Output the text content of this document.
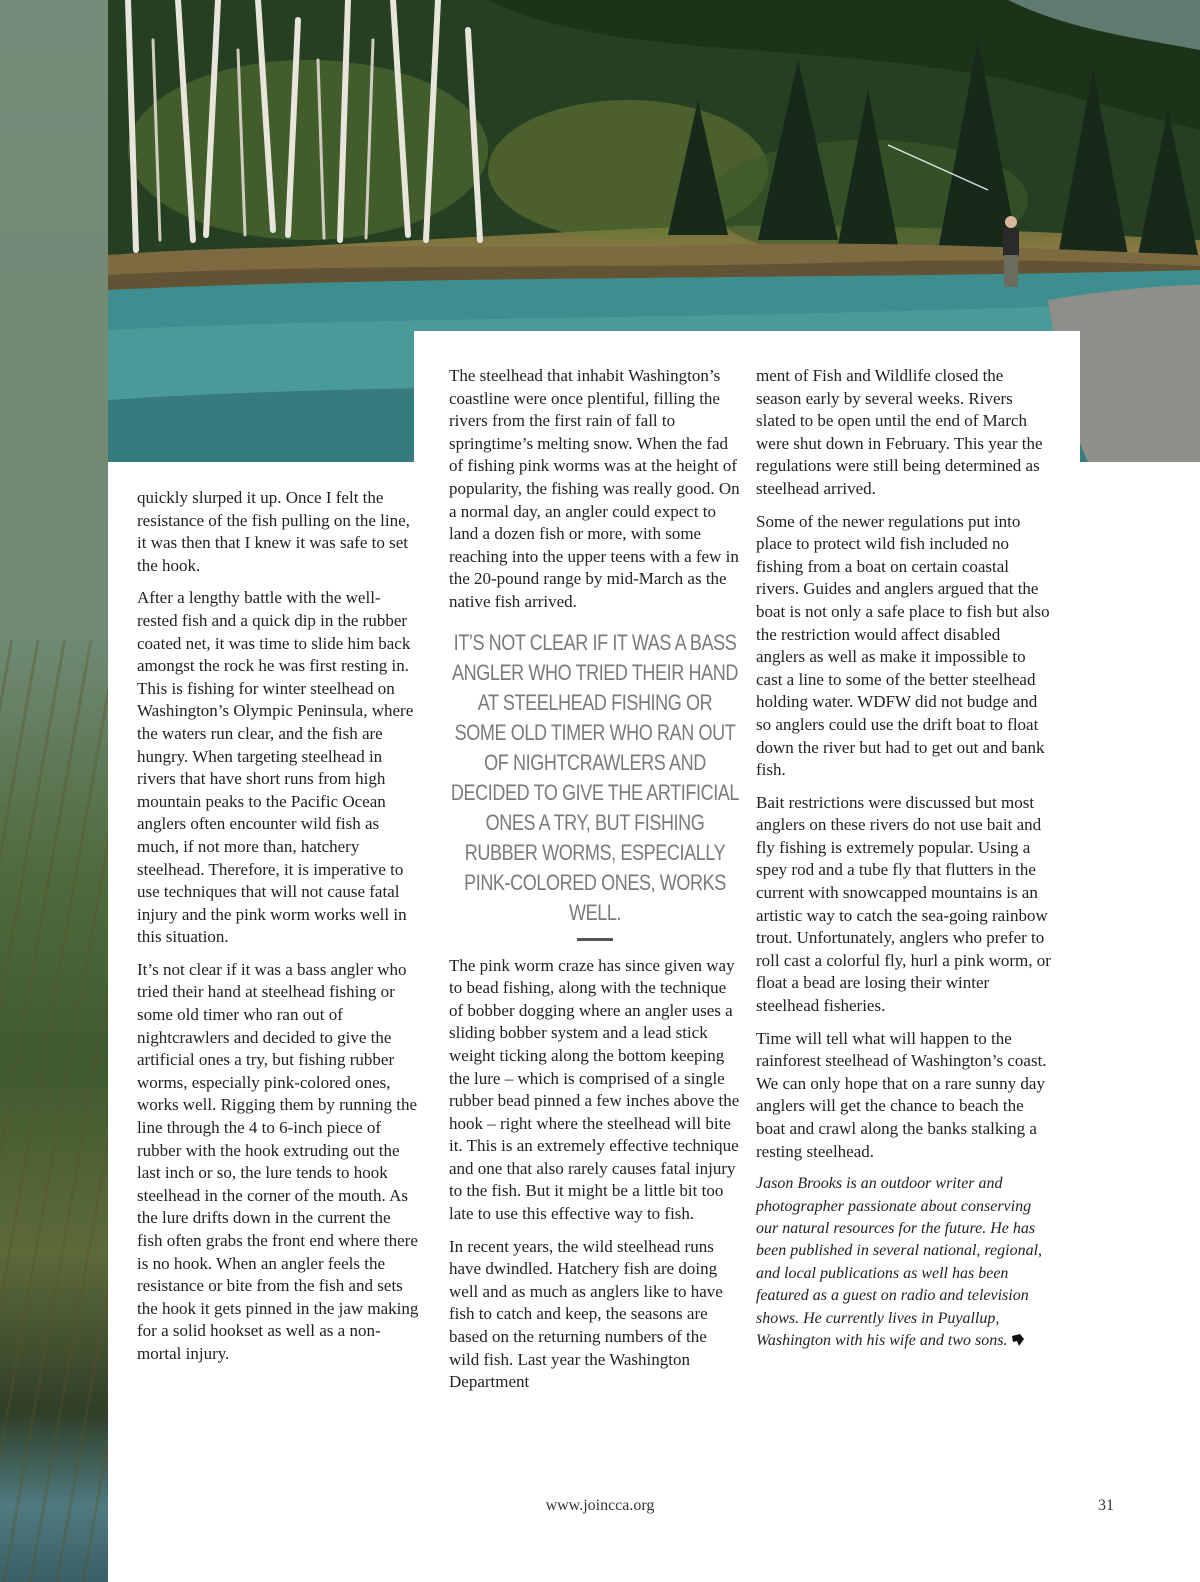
quickly slurped it up. Once I felt the resistance of the fish pulling on the line, it was then that I knew it was safe to set the hook.

After a lengthy battle with the well-rested fish and a quick dip in the rubber coated net, it was time to slide him back amongst the rock he was first resting in. This is fishing for winter steelhead on Washington’s Olympic Peninsula, where the waters run clear, and the fish are hungry. When targeting steelhead in rivers that have short runs from high mountain peaks to the Pacific Ocean anglers often encounter wild fish as much, if not more than, hatchery steelhead. Therefore, it is imperative to use techniques that will not cause fatal injury and the pink worm works well in this situation.

It’s not clear if it was a bass angler who tried their hand at steelhead fishing or some old timer who ran out of nightcrawlers and decided to give the artificial ones a try, but fishing rubber worms, especially pink-colored ones, works well. Rigging them by running the line through the 4 to 6-inch piece of rubber with the hook extruding out the last inch or so, the lure tends to hook steelhead in the corner of the mouth. As the lure drifts down in the current the fish often grabs the front end where there is no hook. When an angler feels the resistance or bite from the fish and sets the hook it gets pinned in the jaw making for a solid hookset as well as a non-mortal injury.

The steelhead that inhabit Washington’s coastline were once plentiful, filling the rivers from the first rain of fall to springtime’s melting snow. When the fad of fishing pink worms was at the height of popularity, the fishing was really good. On a normal day, an angler could expect to land a dozen fish or more, with some reaching into the upper teens with a few in the 20-pound range by mid-March as the native fish arrived.

IT’S NOT CLEAR IF IT WAS A BASS ANGLER WHO TRIED THEIR HAND AT STEELHEAD FISHING OR SOME OLD TIMER WHO RAN OUT OF NIGHTCRAWLERS AND DECIDED TO GIVE THE ARTIFICIAL ONES A TRY, BUT FISHING RUBBER WORMS, ESPECIALLY PINK-COLORED ONES, WORKS WELL.

The pink worm craze has since given way to bead fishing, along with the technique of bobber dogging where an angler uses a sliding bobber system and a lead stick weight ticking along the bottom keeping the lure – which is comprised of a single rubber bead pinned a few inches above the hook – right where the steelhead will bite it. This is an extremely effective technique and one that also rarely causes fatal injury to the fish. But it might be a little bit too late to use this effective way to fish.

In recent years, the wild steelhead runs have dwindled. Hatchery fish are doing well and as much as anglers like to have fish to catch and keep, the seasons are based on the returning numbers of the wild fish. Last year the Washington Department

ment of Fish and Wildlife closed the season early by several weeks. Rivers slated to be open until the end of March were shut down in February. This year the regulations were still being determined as steelhead arrived.

Some of the newer regulations put into place to protect wild fish included no fishing from a boat on certain coastal rivers. Guides and anglers argued that the boat is not only a safe place to fish but also the restriction would affect disabled anglers as well as make it impossible to cast a line to some of the better steelhead holding water. WDFW did not budge and so anglers could use the drift boat to float down the river but had to get out and bank fish.

Bait restrictions were discussed but most anglers on these rivers do not use bait and fly fishing is extremely popular. Using a spey rod and a tube fly that flutters in the current with snowcapped mountains is an artistic way to catch the sea-going rainbow trout. Unfortunately, anglers who prefer to roll cast a colorful fly, hurl a pink worm, or float a bead are losing their winter steelhead fisheries.

Time will tell what will happen to the rainforest steelhead of Washington’s coast. We can only hope that on a rare sunny day anglers will get the chance to beach the boat and crawl along the banks stalking a resting steelhead.

Jason Brooks is an outdoor writer and photographer passionate about conserving our natural resources for the future. He has been published in several national, regional, and local publications as well has been featured as a guest on radio and television shows. He currently lives in Puyallup, Washington with his wife and two sons.

www.joincca.org	31
